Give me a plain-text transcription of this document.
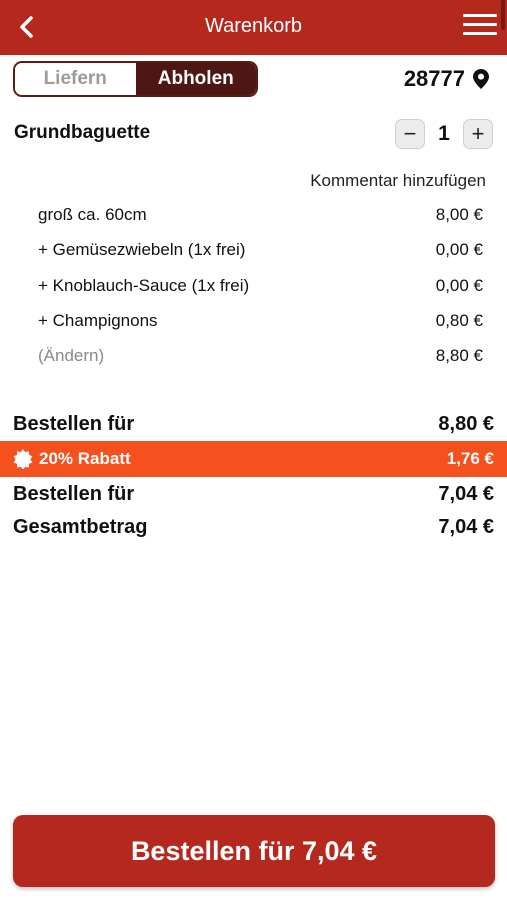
Warenkorb
Liefern	Abholen	28777
Grundbaguette	−	1 +
Kommentar hinzufügen
groß ca. 60cm	8,00 €
+ Gemüsezwiebeln (1x frei)	0,00 €
+ Knoblauch-Sauce (1x frei)	0,00 €
+ Champignons	0,80 €
(Ändern)	8,80 €
Bestellen für	8,80 €
20% Rabatt	1,76 €
Bestellen für	7,04 €
Gesamtbetrag	7,04 €
Bestellen für 7,04 €
